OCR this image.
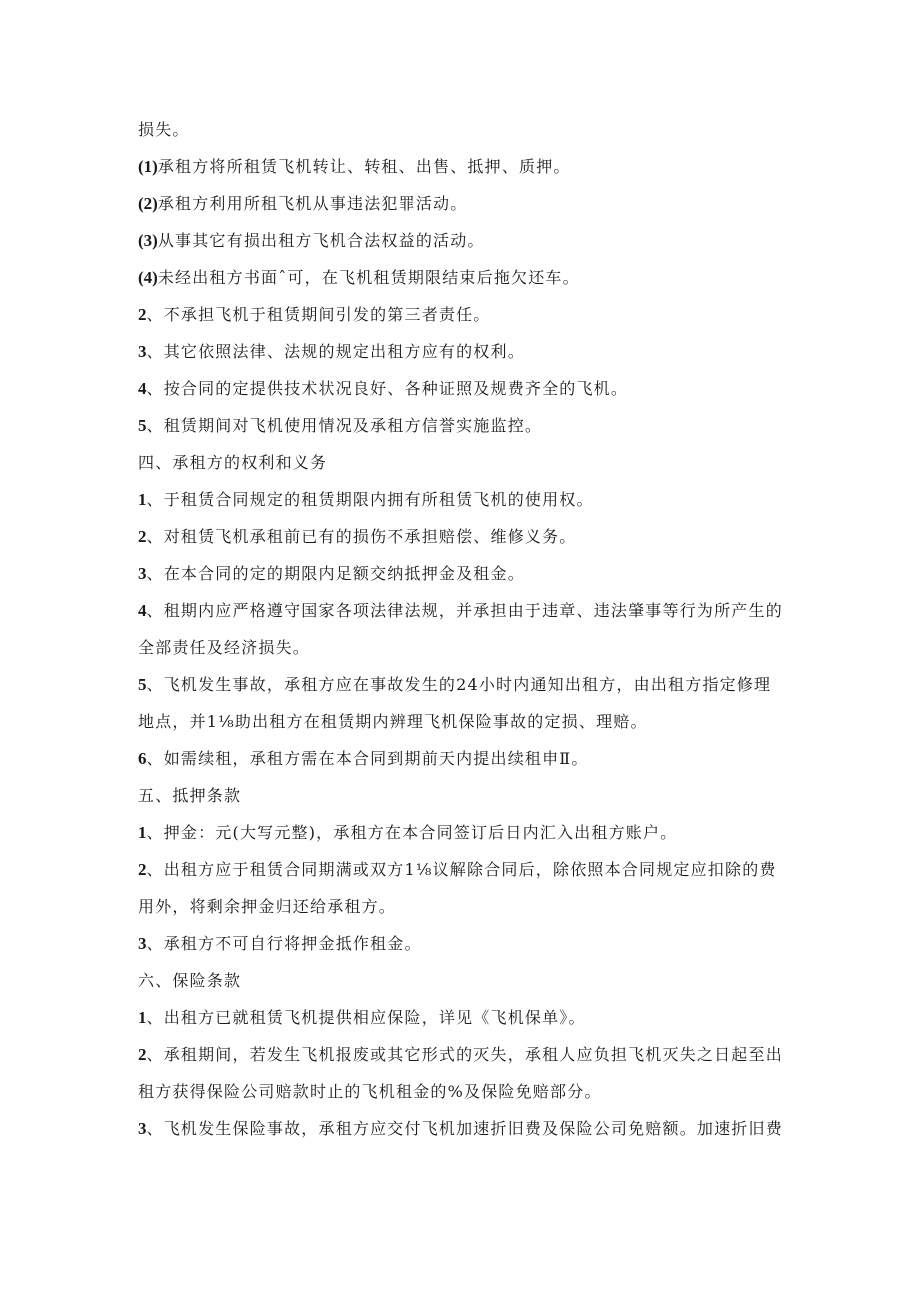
损失。
(1)承租方将所租赁飞机转让、转租、出售、抵押、质押。
(2)承租方利用所租飞机从事违法犯罪活动。
(3)从事其它有损出租方飞机合法权益的活动。
(4)未经出租方书面ˆ可，在飞机租赁期限结束后拖欠还车。
2、不承担飞机于租赁期间引发的第三者责任。
3、其它依照法律、法规的规定出租方应有的权利。
4、按合同的定提供技术状况良好、各种证照及规费齐全的飞机。
5、租赁期间对飞机使用情况及承租方信誉实施监控。
四、承租方的权利和义务
1、于租赁合同规定的租赁期限内拥有所租赁飞机的使用权。
2、对租赁飞机承租前已有的损伤不承担赔偿、维修义务。
3、在本合同的定的期限内足额交纳抵押金及租金。
4、租期内应严格遵守国家各项法律法规，并承担由于违章、违法肇事等行为所产生的
全部责任及经济损失。
5、飞机发生事故，承租方应在事故发生的24小时内通知出租方，由出租方指定修理
地点，并1⅛助出租方在租赁期内辨理飞机保险事故的定损、理赔。
6、如需续租，承租方需在本合同到期前天内提出续租申Ⅱ。
五、抵押条款
1、押金：元(大写元整)，承租方在本合同签订后日内汇入出租方账户。
2、出租方应于租赁合同期满或双方1⅛议解除合同后，除依照本合同规定应扣除的费
用外，将剩余押金归还给承租方。
3、承租方不可自行将押金抵作租金。
六、保险条款
1、出租方已就租赁飞机提供相应保险，详见《飞机保单》。
2、承租期间，若发生飞机报废或其它形式的灭失，承租人应负担飞机灭失之日起至出
租方获得保险公司赔款时止的飞机租金的%及保险免赔部分。
3、飞机发生保险事故，承租方应交付飞机加速折旧费及保险公司免赔额。加速折旧费
